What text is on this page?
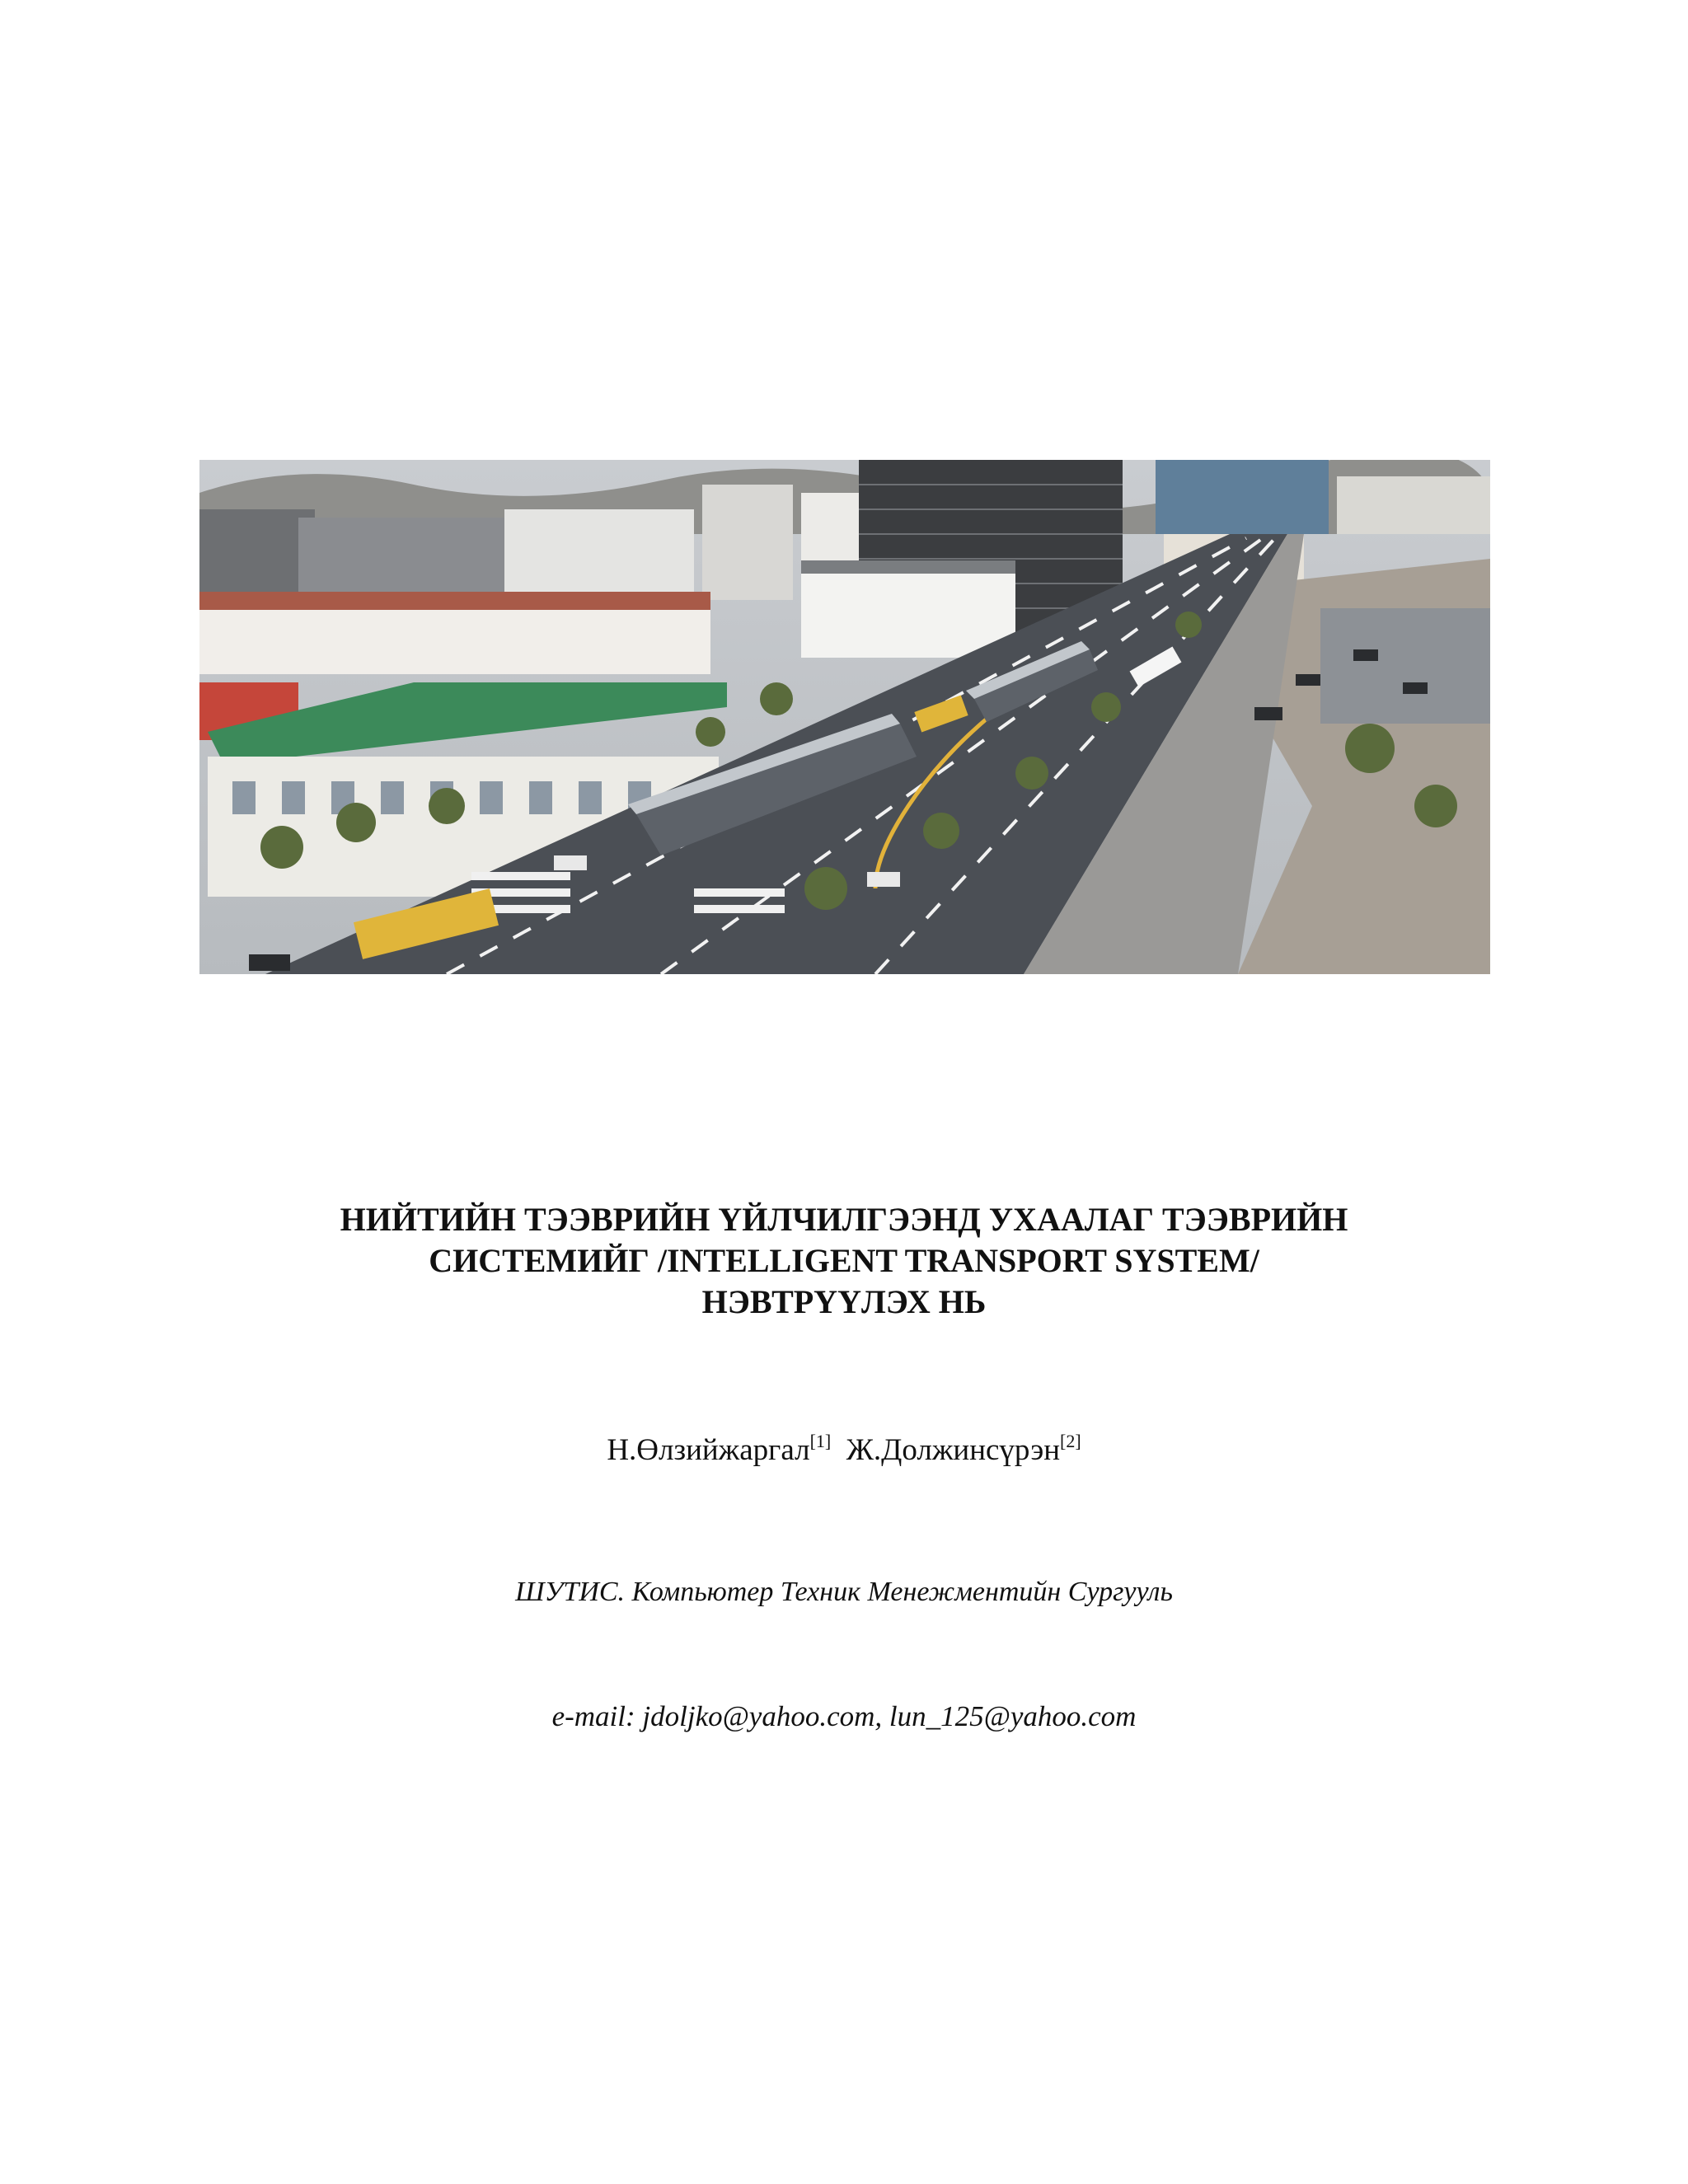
НИЙТИЙН ТЭЭВРИЙН ҮЙЛЧИЛГЭЭНД УХААЛАГ ТЭЭВРИЙН
СИСТЕМИЙГ /INTELLIGENT TRANSPORT SYSTEM/
НЭВТРҮҮЛЭХ НЬ
Н.Өлзийжаргал[1] Ж.Должинсүрэн[2]
ШУТИС. Компьютер Техник Менежментийн Сургууль
e-mail: jdoljko@yahoo.com, lun_125@yahoo.com
